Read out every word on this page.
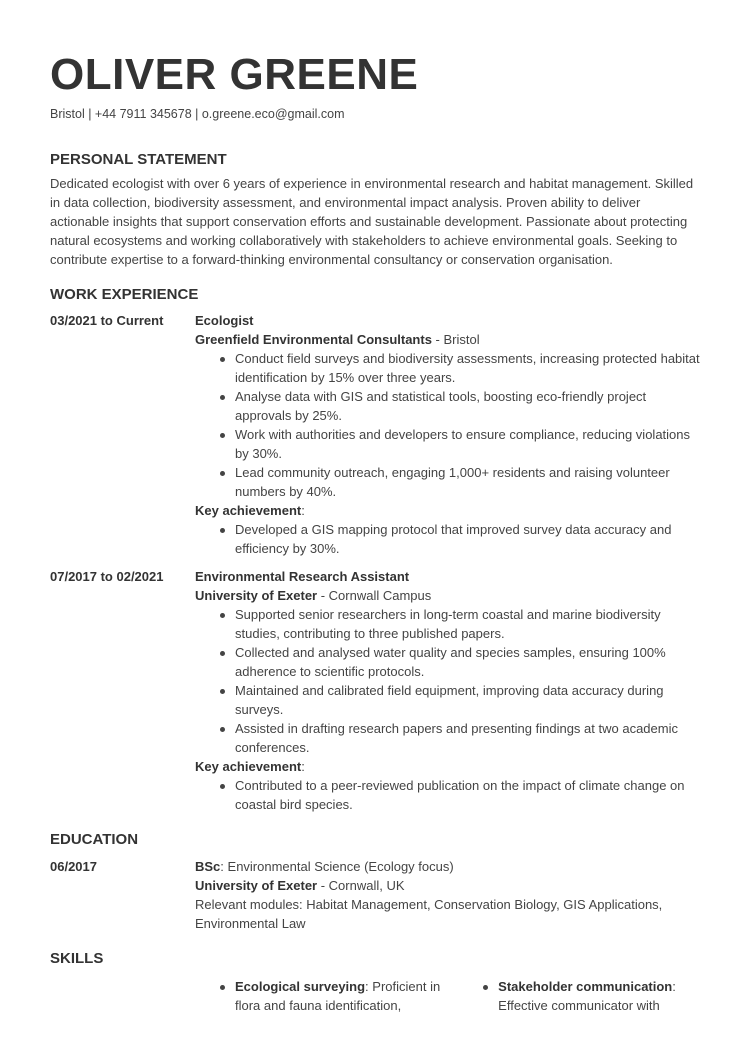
OLIVER GREENE
Bristol | +44 7911 345678 | o.greene.eco@gmail.com
PERSONAL STATEMENT

Dedicated ecologist with over 6 years of experience in environmental research and habitat management. Skilled in data collection, biodiversity assessment, and environmental impact analysis. Proven ability to deliver actionable insights that support conservation efforts and sustainable development. Passionate about protecting natural ecosystems and working collaboratively with stakeholders to achieve environmental goals. Seeking to contribute expertise to a forward-thinking environmental consultancy or conservation organisation.

WORK EXPERIENCE
03/2021 to Current	Ecologist
Greenfield Environmental Consultants - Bristol
Conduct field surveys and biodiversity assessments, increasing protected habitat identification by 15% over three years.
Analyse data with GIS and statistical tools, boosting eco-friendly project approvals by 25%.
Work with authorities and developers to ensure compliance, reducing violations by 30%.
Lead community outreach, engaging 1,000+ residents and raising volunteer numbers by 40%.
Key achievement:
Developed a GIS mapping protocol that improved survey data accuracy and efficiency by 30%.
07/2017 to 02/2021	Environmental Research Assistant
University of Exeter - Cornwall Campus
Supported senior researchers in long-term coastal and marine biodiversity studies, contributing to three published papers.
Collected and analysed water quality and species samples, ensuring 100% adherence to scientific protocols.
Maintained and calibrated field equipment, improving data accuracy during surveys.
Assisted in drafting research papers and presenting findings at two academic conferences.
Key achievement:
Contributed to a peer-reviewed publication on the impact of climate change on coastal bird species.
EDUCATION
06/2017	BSc: Environmental Science (Ecology focus)
University of Exeter - Cornwall, UK
Relevant modules: Habitat Management, Conservation Biology, GIS Applications, Environmental Law
SKILLS
Ecological surveying: Proficient in flora and fauna identification,
Stakeholder communication: Effective communicator with
